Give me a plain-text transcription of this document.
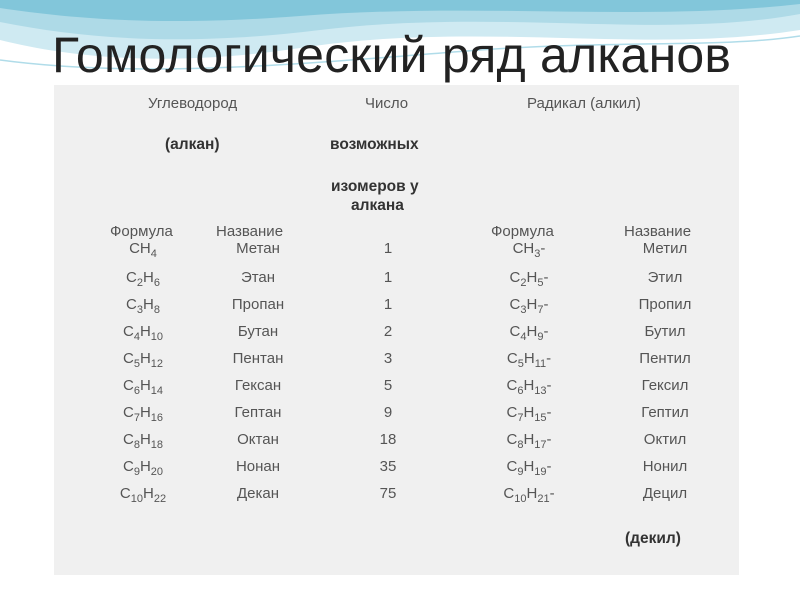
Гомологический ряд алканов
Углеводород
(алкан)
Число
возможных
изомеров у
алкана
Радикал (алкил)
Формула	Название	Формула	Название
$CH_4$	Метан	1	$CH_3-$	Метил
$C_2H_6$	Этан	1	$C_2H_5-$	Этил
$C_3H_8$	Пропан	1	$C_3H_7-$	Пропил
$C_4H_{10}$	Бутан	2	$C_4H_9-$	Бутил
$C_5H_{12}$	Пентан	3	$C_5H_{11}-$	Пентил
$C_6H_{14}$	Гексан	5	$C_6H_{13}-$	Гексил
$C_7H_{16}$	Гептан	9	$C_7H_{15}-$	Гептил
$C_8H_{18}$	Октан	18	$C_8H_{17}-$	Октил
$C_9H_{20}$	Нонан	35	$C_9H_{19}-$	Нонил
$C_{10}H_{22}$	Декан	75	$C_{10}H_{21}-$	Децил
(декил)
